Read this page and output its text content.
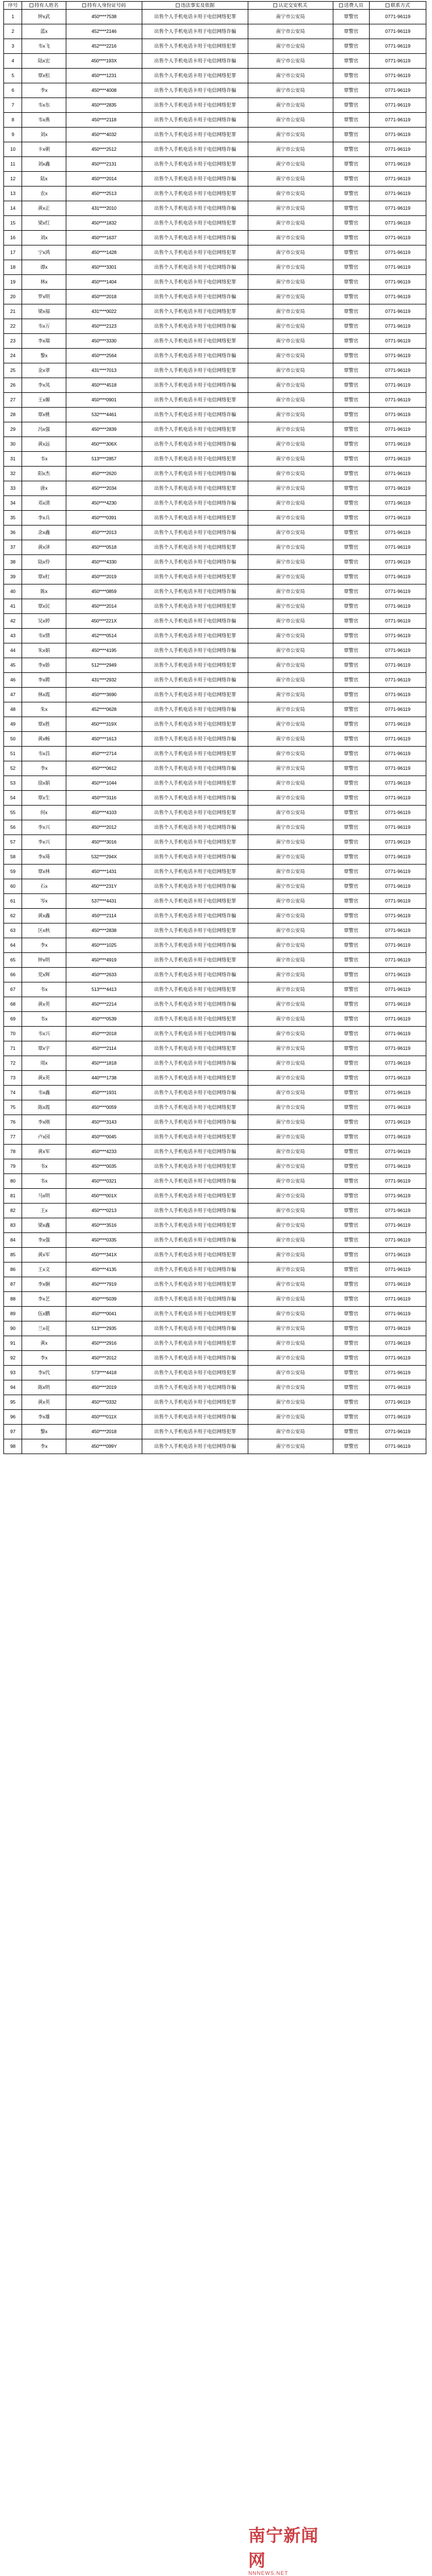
序号	持有人姓名	持有人身份证号码	违法事实及依据	认定交安机关	送费人员	联系方式
1	钟x武	450****7538	出售个人手机电话卡用于电信网络犯罪	南宁市公安局	覃警官	0771-96119
2	蓝x	452****2146	出售个人手机电话卡用于电信网络诈骗	南宁市公安局	覃警官	0771-96119
3	韦x飞	452****2216	出售个人手机电话卡用于电信网络犯罪	南宁市公安局	覃警官	0771-96119
4	陆x宏	450****193X	出售个人手机电话卡用于电信网络诈骗	南宁市公安局	覃警官	0771-96119
5	覃x松	450****1231	出售个人手机电话卡用于电信网络犯罪	南宁市公安局	覃警官	0771-96119
6	李x	450****4008	出售个人手机电话卡用于电信网络诈骗	南宁市公安局	覃警官	0771-96119
7	韦x东	450****2835	出售个人手机电话卡用于电信网络犯罪	南宁市公安局	覃警官	0771-96119
8	韦x燕	450****2118	出售个人手机电话卡用于电信网络诈骗	南宁市公安局	覃警官	0771-96119
9	刘x	450****4032	出售个人手机电话卡用于电信网络犯罪	南宁市公安局	覃警官	0771-96119
10	卡x朝	450****2512	出售个人手机电话卡用于电信网络诈骗	南宁市公安局	覃警官	0771-96119
11	刘x鑫	450****2131	出售个人手机电话卡用于电信网络犯罪	南宁市公安局	覃警官	0771-96119
12	陆x	450****2014	出售个人手机电话卡用于电信网络诈骗	南宁市公安局	覃警官	0771-96119
13	农x	450****2513	出售个人手机电话卡用于电信网络犯罪	南宁市公安局	覃警官	0771-96119
14	黄x正	431****2010	出售个人手机电话卡用于电信网络诈骗	南宁市公安局	覃警官	0771-96119
15	梁x红	450****1832	出售个人手机电话卡用于电信网络犯罪	南宁市公安局	覃警官	0771-96119
16	刘x	450****1637	出售个人手机电话卡用于电信网络诈骗	南宁市公安局	覃警官	0771-96119
17	宁x鸿	450****1428	出售个人手机电话卡用于电信网络犯罪	南宁市公安局	覃警官	0771-96119
18	谭x	450****3301	出售个人手机电话卡用于电信网络诈骗	南宁市公安局	覃警官	0771-96119
19	林x	450****1404	出售个人手机电话卡用于电信网络犯罪	南宁市公安局	覃警官	0771-96119
20	罗x明	450****2018	出售个人手机电话卡用于电信网络诈骗	南宁市公安局	覃警官	0771-96119
21	梁x福	431****0022	出售个人手机电话卡用于电信网络犯罪	南宁市公安局	覃警官	0771-96119
22	韦x万	450****2123	出售个人手机电话卡用于电信网络诈骗	南宁市公安局	覃警官	0771-96119
23	李x瑞	450****3330	出售个人手机电话卡用于电信网络犯罪	南宁市公安局	覃警官	0771-96119
24	黎x	450****2564	出售个人手机电话卡用于电信网络诈骗	南宁市公安局	覃警官	0771-96119
25	金x翠	431****7013	出售个人手机电话卡用于电信网络犯罪	南宁市公安局	覃警官	0771-96119
26	李x凤	450****4518	出售个人手机电话卡用于电信网络诈骗	南宁市公安局	覃警官	0771-96119
27	王x媚	450****0901	出售个人手机电话卡用于电信网络犯罪	南宁市公安局	覃警官	0771-96119
28	覃x桃	532****4461	出售个人手机电话卡用于电信网络诈骗	南宁市公安局	覃警官	0771-96119
29	冯x强	450****2839	出售个人手机电话卡用于电信网络犯罪	南宁市公安局	覃警官	0771-96119
30	黄x远	450****306X	出售个人手机电话卡用于电信网络诈骗	南宁市公安局	覃警官	0771-96119
31	韦x	513****2857	出售个人手机电话卡用于电信网络犯罪	南宁市公安局	覃警官	0771-96119
32	阳x杰	450****2620	出售个人手机电话卡用于电信网络诈骗	南宁市公安局	覃警官	0771-96119
33	唐x	450****2034	出售个人手机电话卡用于电信网络犯罪	南宁市公安局	覃警官	0771-96119
34	邓x清	450****4230	出售个人手机电话卡用于电信网络诈骗	南宁市公安局	覃警官	0771-96119
35	李x兵	450****0391	出售个人手机电话卡用于电信网络犯罪	南宁市公安局	覃警官	0771-96119
36	余x鑫	450****2013	出售个人手机电话卡用于电信网络诈骗	南宁市公安局	覃警官	0771-96119
37	黄x泽	450****0518	出售个人手机电话卡用于电信网络犯罪	南宁市公安局	覃警官	0771-96119
38	陆x伶	450****4330	出售个人手机电话卡用于电信网络诈骗	南宁市公安局	覃警官	0771-96119
39	覃x杠	450****2019	出售个人手机电话卡用于电信网络犯罪	南宁市公安局	覃警官	0771-96119
40	陈x	450****0859	出售个人手机电话卡用于电信网络诈骗	南宁市公安局	覃警官	0771-96119
41	覃x民	450****2014	出售个人手机电话卡用于电信网络犯罪	南宁市公安局	覃警官	0771-96119
42	吴x婷	450****221X	出售个人手机电话卡用于电信网络诈骗	南宁市公安局	覃警官	0771-96119
43	韦x情	452****0514	出售个人手机电话卡用于电信网络犯罪	南宁市公安局	覃警官	0771-96119
44	朱x娟	450****4195	出售个人手机电话卡用于电信网络诈骗	南宁市公安局	覃警官	0771-96119
45	李x娇	512****2949	出售个人手机电话卡用于电信网络犯罪	南宁市公安局	覃警官	0771-96119
46	李x聘	431****2932	出售个人手机电话卡用于电信网络诈骗	南宁市公安局	覃警官	0771-96119
47	林x霞	450****3690	出售个人手机电话卡用于电信网络犯罪	南宁市公安局	覃警官	0771-96119
48	朱x	452****0628	出售个人手机电话卡用于电信网络诈骗	南宁市公安局	覃警官	0771-96119
49	覃x胜	450****319X	出售个人手机电话卡用于电信网络犯罪	南宁市公安局	覃警官	0771-96119
50	黄x畅	450****1613	出售个人手机电话卡用于电信网络诈骗	南宁市公安局	覃警官	0771-96119
51	韦x昌	450****2714	出售个人手机电话卡用于电信网络犯罪	南宁市公安局	覃警官	0771-96119
52	李x	450****0612	出售个人手机电话卡用于电信网络诈骗	南宁市公安局	覃警官	0771-96119
53	徐x娟	450****1044	出售个人手机电话卡用于电信网络犯罪	南宁市公安局	覃警官	0771-96119
54	覃x生	450****3116	出售个人手机电话卡用于电信网络诈骗	南宁市公安局	覃警官	0771-96119
55	何x	450****4103	出售个人手机电话卡用于电信网络犯罪	南宁市公安局	覃警官	0771-96119
56	李x兴	450****2012	出售个人手机电话卡用于电信网络诈骗	南宁市公安局	覃警官	0771-96119
57	李x兴	450****3016	出售个人手机电话卡用于电信网络犯罪	南宁市公安局	覃警官	0771-96119
58	李x琦	532****294X	出售个人手机电话卡用于电信网络诈骗	南宁市公安局	覃警官	0771-96119
59	覃x林	450****1431	出售个人手机电话卡用于电信网络犯罪	南宁市公安局	覃警官	0771-96119
60	石x	450****231Y	出售个人手机电话卡用于电信网络诈骗	南宁市公安局	覃警官	0771-96119
61	岑x	537****4431	出售个人手机电话卡用于电信网络犯罪	南宁市公安局	覃警官	0771-96119
62	黄x鑫	450****2114	出售个人手机电话卡用于电信网络诈骗	南宁市公安局	覃警官	0771-96119
63	区x秋	450****2838	出售个人手机电话卡用于电信网络犯罪	南宁市公安局	覃警官	0771-96119
64	李x	450****1025	出售个人手机电话卡用于电信网络诈骗	南宁市公安局	覃警官	0771-96119
65	钟x明	450****4919	出售个人手机电话卡用于电信网络犯罪	南宁市公安局	覃警官	0771-96119
66	党x辉	450****2633	出售个人手机电话卡用于电信网络诈骗	南宁市公安局	覃警官	0771-96119
67	韦x	513****4413	出售个人手机电话卡用于电信网络犯罪	南宁市公安局	覃警官	0771-96119
68	黄x英	450****2214	出售个人手机电话卡用于电信网络诈骗	南宁市公安局	覃警官	0771-96119
69	韦x	450****0539	出售个人手机电话卡用于电信网络犯罪	南宁市公安局	覃警官	0771-96119
70	韦x兴	450****2018	出售个人手机电话卡用于电信网络诈骗	南宁市公安局	覃警官	0771-96119
71	覃x宇	450****2114	出售个人手机电话卡用于电信网络犯罪	南宁市公安局	覃警官	0771-96119
72	周x	450****1818	出售个人手机电话卡用于电信网络诈骗	南宁市公安局	覃警官	0771-96119
73	黄x英	440****1738	出售个人手机电话卡用于电信网络犯罪	南宁市公安局	覃警官	0771-96119
74	韦x鑫	450****1931	出售个人手机电话卡用于电信网络诈骗	南宁市公安局	覃警官	0771-96119
75	陈x霞	450****0059	出售个人手机电话卡用于电信网络犯罪	南宁市公安局	覃警官	0771-96119
76	李x刚	450****3143	出售个人手机电话卡用于电信网络诈骗	南宁市公安局	覃警官	0771-96119
77	卢x园	450****0045	出售个人手机电话卡用于电信网络犯罪	南宁市公安局	覃警官	0771-96119
78	黄x军	450****4233	出售个人手机电话卡用于电信网络诈骗	南宁市公安局	覃警官	0771-96119
79	韦x	450****0035	出售个人手机电话卡用于电信网络犯罪	南宁市公安局	覃警官	0771-96119
80	韦x	450****0321	出售个人手机电话卡用于电信网络诈骗	南宁市公安局	覃警官	0771-96119
81	马x明	450****001X	出售个人手机电话卡用于电信网络犯罪	南宁市公安局	覃警官	0771-96119
82	王x	450****0213	出售个人手机电话卡用于电信网络诈骗	南宁市公安局	覃警官	0771-96119
83	梁x鑫	450****3516	出售个人手机电话卡用于电信网络犯罪	南宁市公安局	覃警官	0771-96119
84	李x强	450****0335	出售个人手机电话卡用于电信网络诈骗	南宁市公安局	覃警官	0771-96119
85	黄x军	450****341X	出售个人手机电话卡用于电信网络犯罪	南宁市公安局	覃警官	0771-96119
86	王x文	450****4135	出售个人手机电话卡用于电信网络诈骗	南宁市公安局	覃警官	0771-96119
87	李x娴	450****7919	出售个人手机电话卡用于电信网络犯罪	南宁市公安局	覃警官	0771-96119
88	李x艺	450****5039	出售个人手机电话卡用于电信网络诈骗	南宁市公安局	覃警官	0771-96119
89	伍x鹏	450****0041	出售个人手机电话卡用于电信网络犯罪	南宁市公安局	覃警官	0771-96119
90	兰x花	513****2935	出售个人手机电话卡用于电信网络诈骗	南宁市公安局	覃警官	0771-96119
91	黄x	450****2916	出售个人手机电话卡用于电信网络犯罪	南宁市公安局	覃警官	0771-96119
92	李x	450****2012	出售个人手机电话卡用于电信网络诈骗	南宁市公安局	覃警官	0771-96119
93	李x代	573****4418	出售个人手机电话卡用于电信网络犯罪	南宁市公安局	覃警官	0771-96119
94	陈x明	450****2019	出售个人手机电话卡用于电信网络诈骗	南宁市公安局	覃警官	0771-96119
95	黄x英	450****0332	出售个人手机电话卡用于电信网络犯罪	南宁市公安局	覃警官	0771-96119
96	李x雄	450****011X	出售个人手机电话卡用于电信网络诈骗	南宁市公安局	覃警官	0771-96119
97	黎x	450****2018	出售个人手机电话卡用于电信网络犯罪	南宁市公安局	覃警官	0771-96119
98	李x	450****099Y	出售个人手机电话卡用于电信网络诈骗	南宁市公安局	覃警官	0771-96119
南宁新闻网
NNNEWS.NET
